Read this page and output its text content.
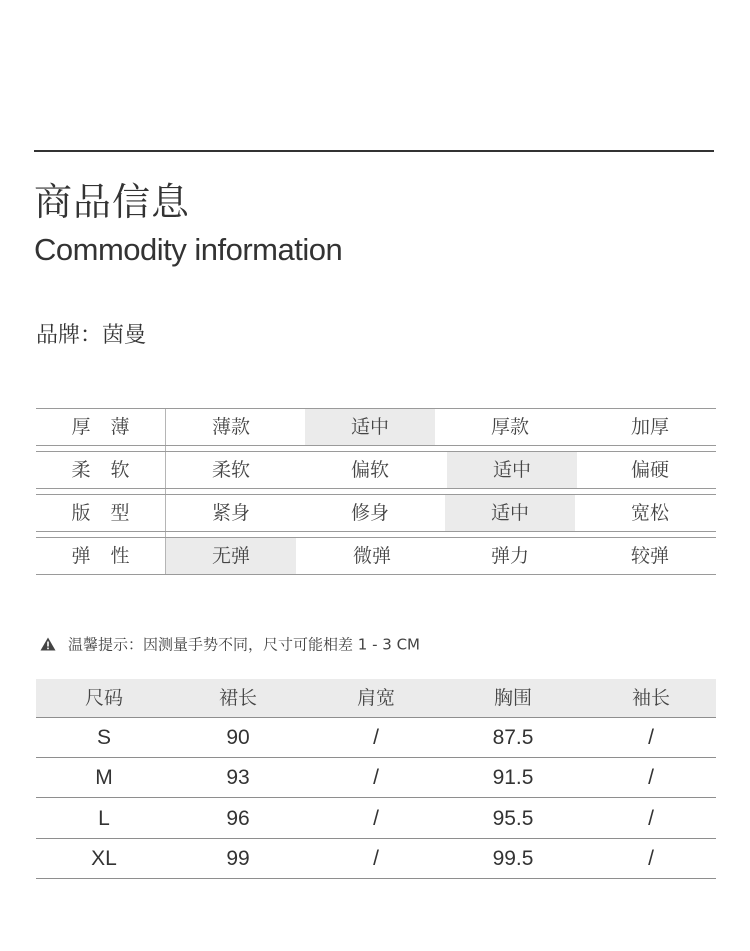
商品信息
Commodity information
品牌：茵曼
厚薄	薄款	适中	厚款	加厚
柔软	柔软	偏软	适中	偏硬
版型	紧身	修身	适中	宽松
弹性	无弹	微弹	弹力	较弹
温馨提示：因测量手势不同，尺寸可能相差 1 - 3 CM
尺码	裙长	肩宽	胸围	袖长
S	90	/	87.5	/
M	93	/	91.5	/
L	96	/	95.5	/
XL	99	/	99.5	/
